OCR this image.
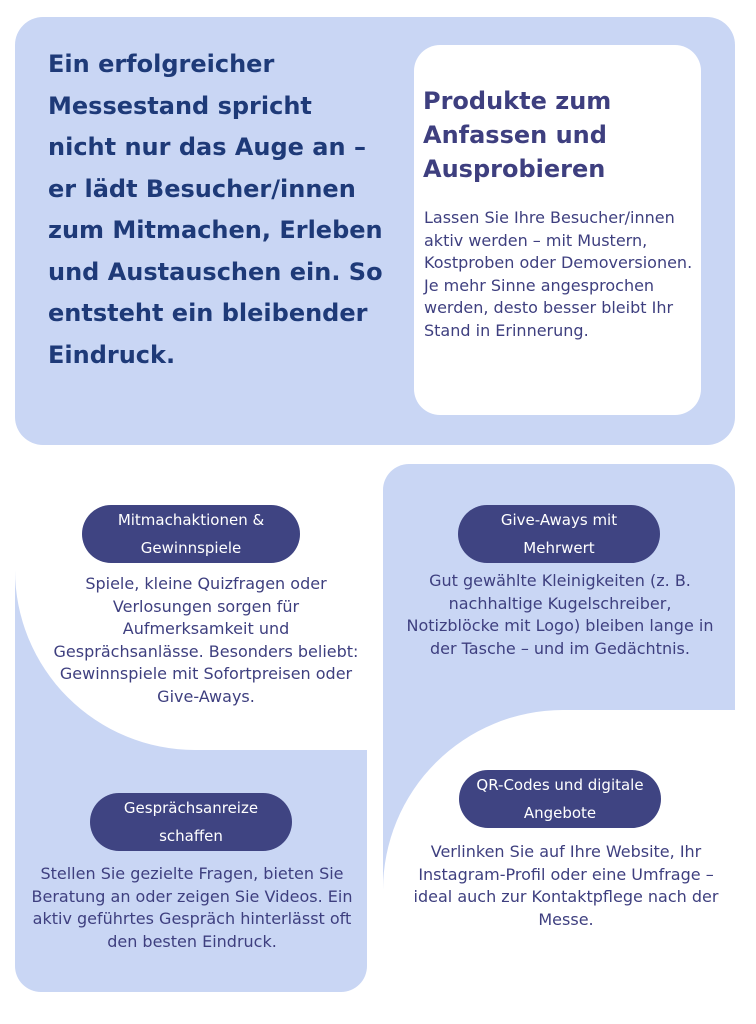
Ein erfolgreicher Messestand spricht nicht nur das Auge an – er lädt Besucher/innen zum Mitmachen, Erleben und Austauschen ein. So entsteht ein bleibender Eindruck.

Produkte zum Anfassen und Ausprobieren

Lassen Sie Ihre Besucher/innen aktiv werden – mit Mustern, Kostproben oder Demoversionen. Je mehr Sinne angesprochen werden, desto besser bleibt Ihr Stand in Erinnerung.

Mitmachaktionen & Gewinnspiele

Spiele, kleine Quizfragen oder Verlosungen sorgen für Aufmerksamkeit und Gesprächsanlässe. Besonders beliebt: Gewinnspiele mit Sofortpreisen oder Give-Aways.

Give-Aways mit Mehrwert

Gut gewählte Kleinigkeiten (z. B. nachhaltige Kugelschreiber, Notizblöcke mit Logo) bleiben lange in der Tasche – und im Gedächtnis.

Gesprächsanreize schaffen

Stellen Sie gezielte Fragen, bieten Sie Beratung an oder zeigen Sie Videos. Ein aktiv geführtes Gespräch hinterlässt oft den besten Eindruck.

QR-Codes und digitale Angebote

Verlinken Sie auf Ihre Website, Ihr Instagram-Profil oder eine Umfrage – ideal auch zur Kontaktpflege nach der Messe.
